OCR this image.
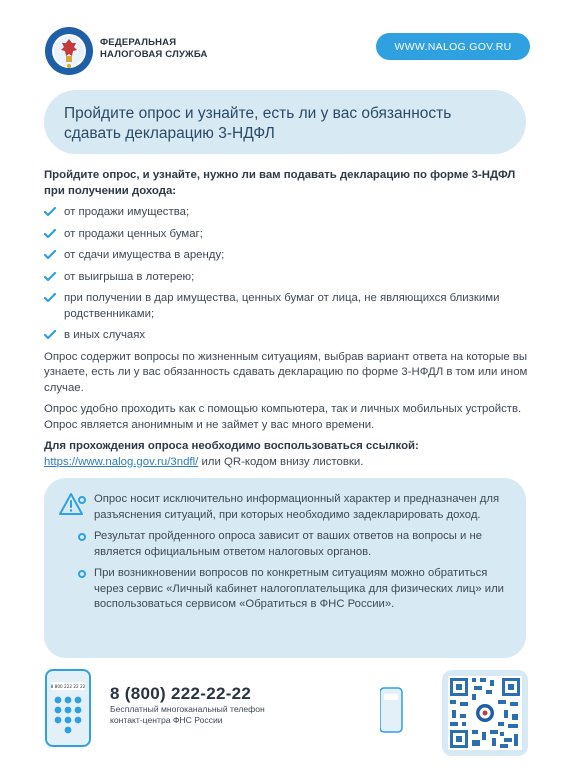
ФЕДЕРАЛЬНАЯ
НАЛОГОВАЯ СЛУЖБА
WWW.NALOG.GOV.RU
Пройдите опрос и узнайте, есть ли у вас обязанность сдавать декларацию 3-НДФЛ
Пройдите опрос, и узнайте, нужно ли вам подавать декларацию по форме 3-НДФЛ при получении дохода:
от продажи имущества;
от продажи ценных бумаг;
от сдачи имущества в аренду;
от выигрыша в лотерею;
при получении в дар имущества, ценных бумаг от лица, не являющихся близкими родственниками;
в иных случаях

Опрос содержит вопросы по жизненным ситуациям, выбрав вариант ответа на которые вы узнаете, есть ли у вас обязанность сдавать декларацию по форме 3-НФДЛ в том или ином случае.

Опрос удобно проходить как с помощью компьютера, так и личных мобильных устройств. Опрос является анонимным и не займет у вас много времени.

Для прохождения опроса необходимо воспользоваться ссылкой:
https://www.nalog.gov.ru/3ndfl/ или QR-кодом внизу листовки.
Опрос носит исключительно информационный характер и предназначен для разъяснения ситуаций, при которых необходимо задекларировать доход.
Результат пройденного опроса зависит от ваших ответов на вопросы и не является официальным ответом налоговых органов.
При возникновении вопросов по конкретным ситуациям можно обратиться через сервис «Личный кабинет налогоплательщика для физических лиц» или воспользоваться сервисом «Обратиться в ФНС России».
8 800 222 22 22 8 (800) 222-22-22
Бесплатный многоканальный телефон
контакт-центра ФНС России
